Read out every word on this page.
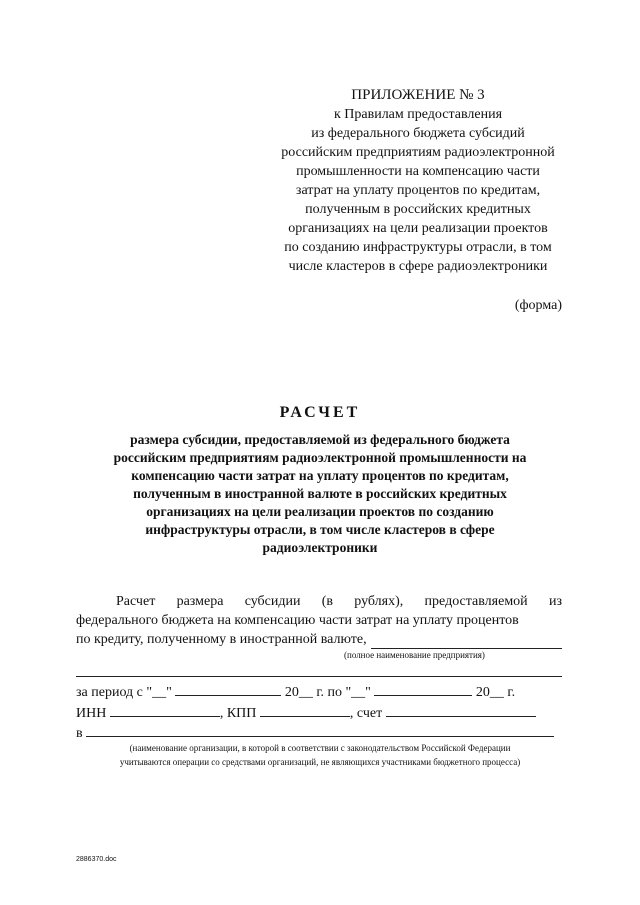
ПРИЛОЖЕНИЕ № 3
к Правилам предоставления
из федерального бюджета субсидий
российским предприятиям радиоэлектронной
промышленности на компенсацию части
затрат на уплату процентов по кредитам,
полученным в российских кредитных
организациях на цели реализации проектов
по созданию инфраструктуры отрасли, в том
числе кластеров в сфере радиоэлектроники
(форма)
РАСЧЕТ
размера субсидии, предоставляемой из федерального бюджета
российским предприятиям радиоэлектронной промышленности на
компенсацию части затрат на уплату процентов по кредитам,
полученным в иностранной валюте в российских кредитных
организациях на цели реализации проектов по созданию
инфраструктуры отрасли, в том числе кластеров в сфере
радиоэлектроники
Расчет размера субсидии (в рублях), предоставляемой из
федерального бюджета на компенсацию части затрат на уплату процентов
по кредиту, полученному в иностранной валюте,
(полное наименование предприятия)
за период с "__"	20__ г. по "__"	20__ г.
ИНН	, КПП	, счет
в
(наименование организации, в которой в соответствии с законодательством Российской Федерации
учитываются операции со средствами организаций, не являющихся участниками бюджетного процесса)
2886370.doc
